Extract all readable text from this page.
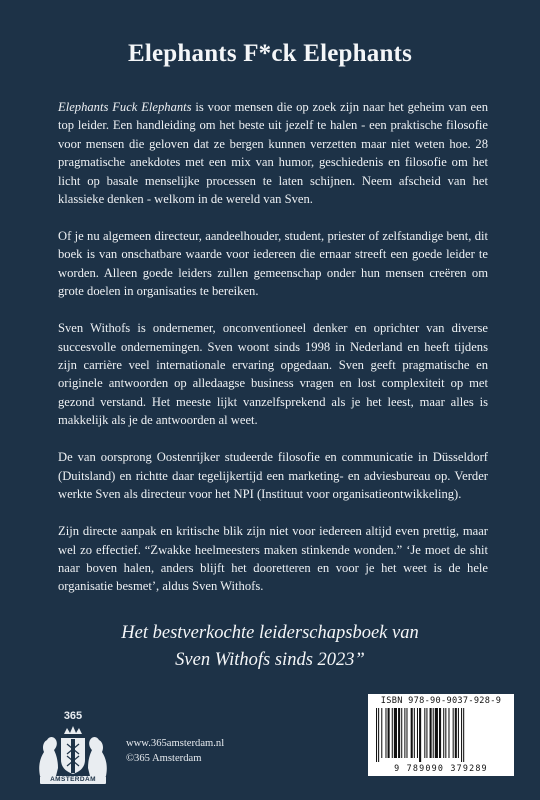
Elephants F*ck Elephants

Elephants Fuck Elephants is voor mensen die op zoek zijn naar het geheim van een top leider. Een handleiding om het beste uit jezelf te halen - een praktische filosofie voor mensen die geloven dat ze bergen kunnen verzetten maar niet weten hoe. 28 pragmatische anekdotes met een mix van humor, geschiedenis en filosofie om het licht op basale menselijke processen te laten schijnen. Neem afscheid van het klassieke denken - welkom in de wereld van Sven.

Of je nu algemeen directeur, aandeelhouder, student, priester of zelfstandige bent, dit boek is van onschatbare waarde voor iedereen die ernaar streeft een goede leider te worden. Alleen goede leiders zullen gemeenschap onder hun mensen creëren om grote doelen in organisaties te bereiken.

Sven Withofs is ondernemer, onconventioneel denker en oprichter van diverse succesvolle ondernemingen. Sven woont sinds 1998 in Nederland en heeft tijdens zijn carrière veel internationale ervaring opgedaan. Sven geeft pragmatische en originele antwoorden op alledaagse business vragen en lost complexiteit op met gezond verstand. Het meeste lijkt vanzelfsprekend als je het leest, maar alles is makkelijk als je de antwoorden al weet.

De van oorsprong Oostenrijker studeerde filosofie en communicatie in Düsseldorf (Duitsland) en richtte daar tegelijkertijd een marketing- en adviesbureau op. Verder werkte Sven als directeur voor het NPI (Instituut voor organisatieontwikkeling).

Zijn directe aanpak en kritische blik zijn niet voor iedereen altijd even prettig, maar wel zo effectief. “Zwakke heelmeesters maken stinkende wonden.” ‘Je moet de shit naar boven halen, anders blijft het dooretteren en voor je het weet is de hele organisatie besmet’, aldus Sven Withofs.

Het bestverkochte leiderschapsboek van
Sven Withofs sinds 2023”
365
AMSTERDAM
www.365amsterdam.nl
©365 Amsterdam
ISBN 978-90-9037-928-9
9 789090 379289
